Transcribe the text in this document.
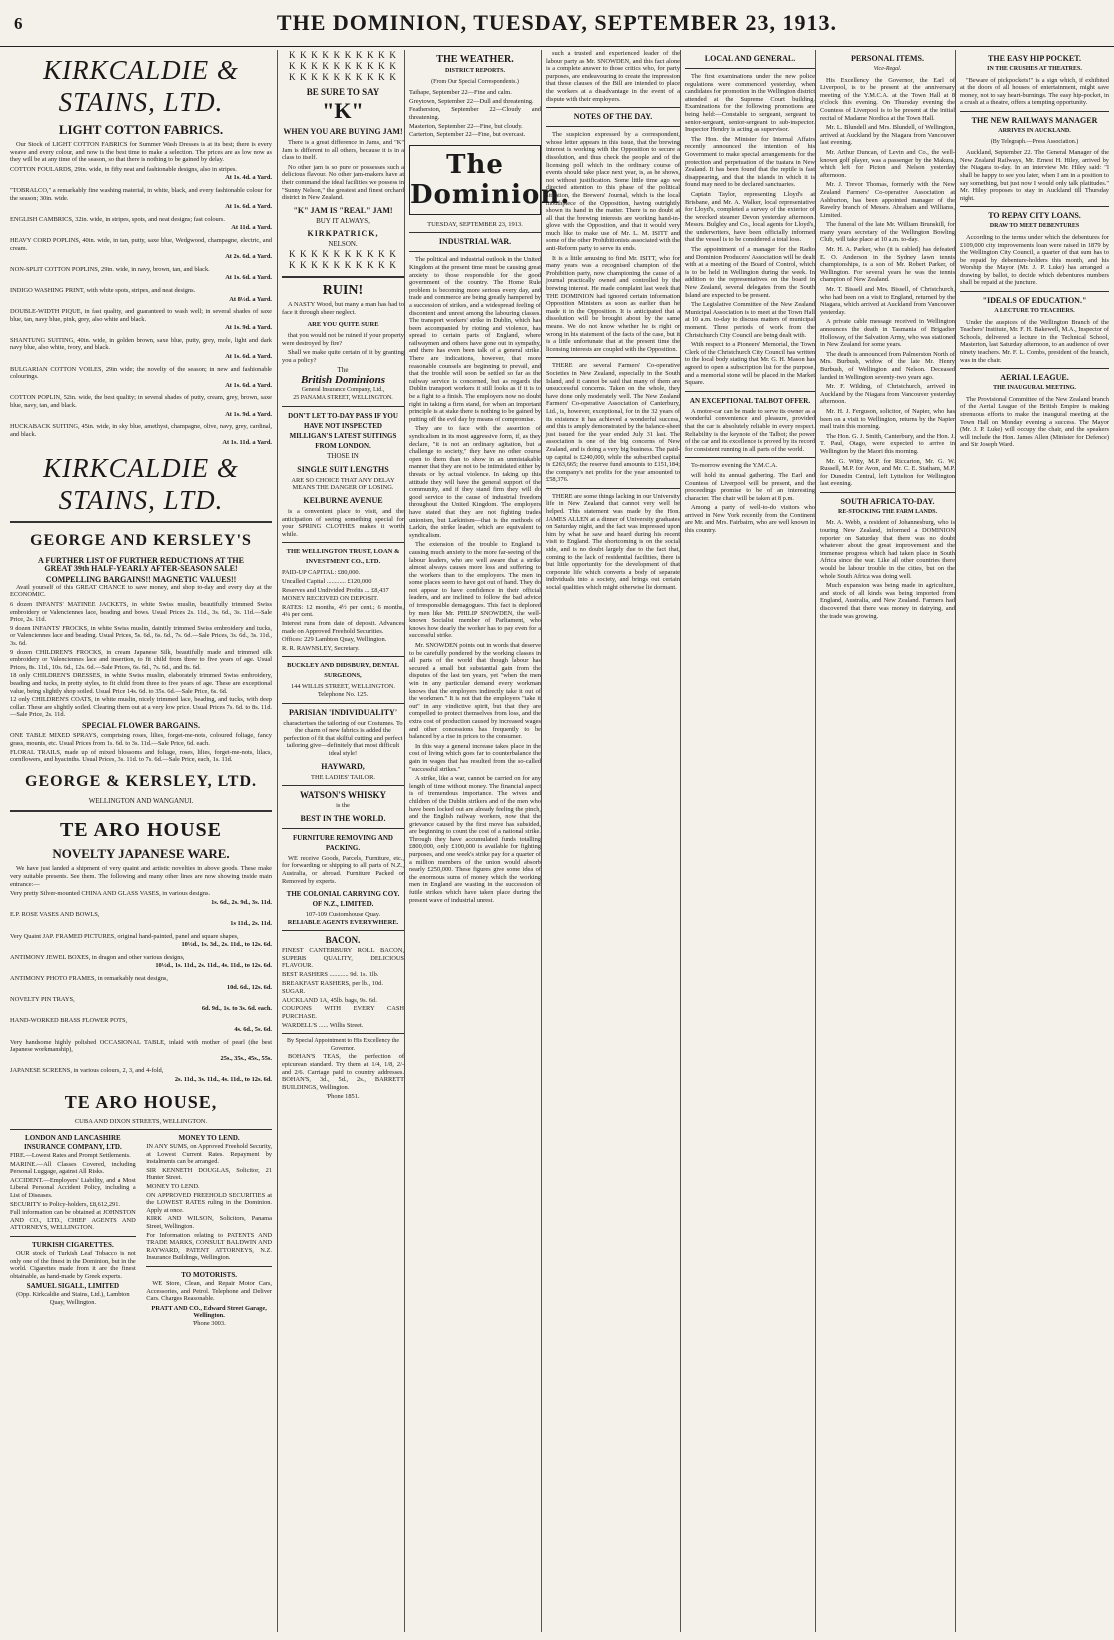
6	THE DOMINION, TUESDAY, SEPTEMBER 23, 1913.
KIRKCALDIE & STAINS, LTD.
LIGHT COTTON FABRICS.

Our Stock of LIGHT COTTON FABRICS for Summer Wash Dresses is at its best; there is every weave and every colour, and now is the best time to make a selection. The prices are as low now as they will be at any time of the season, so that there is nothing to be gained by delay.

COTTON FOULARDS, 29in. wide, in fifty neat and fashionable designs, also in stripes.
At 1s. 4d. a Yard.
"TOBRALCO," a remarkably fine washing material, in white, black, and every fashionable colour for the season; 30in. wide.
At 1s. 6d. a Yard.
ENGLISH CAMBRICS, 32in. wide, in stripes, spots, and neat designs; fast colours.
At 11d. a Yard.
HEAVY CORD POPLINS, 40in. wide, in tan, putty, saxe blue, Wedgwood, champagne, electric, and cream.
At 2s. 6d. a Yard.
NON-SPLIT COTTON POPLINS, 29in. wide, in navy, brown, tan, and black.
At 1s. 6d. a Yard.
INDIGO WASHING PRINT, with white spots, stripes, and neat designs.
At 8½d. a Yard.
DOUBLE-WIDTH PIQUE, in fast quality, and guaranteed to wash well; in several shades of saxe blue, tan, navy blue, pink, grey, also white and black.
At 1s. 9d. a Yard.
SHANTUNG SUITING, 40in. wide, in golden brown, saxe blue, putty, grey, mole, light and dark navy blue, also white, ivory, and black.
At 1s. 6d. a Yard.
BULGARIAN COTTON VOILES, 29in wide; the novelty of the season; in new and fashionable colourings.
At 1s. 6d. a Yard.
COTTON POPLIN, 52in. wide, the best quality; in several shades of putty, cream, grey, brown, saxe blue, navy, tan, and black.
At 1s. 9d. a Yard.
HUCKABACK SUITING, 45in. wide, in sky blue, amethyst, champagne, olive, navy, grey, cardinal, and black.
At 1s. 11d. a Yard.
KIRKCALDIE & STAINS, LTD.
GEORGE AND KERSLEY'S
A FURTHER LIST OF FURTHER REDUCTIONS AT THE
GREAT 39th HALF-YEARLY AFTER-SEASON SALE!
COMPELLING BARGAINS!! MAGNETIC VALUES!!

Avail yourself of this GREAT CHANCE to save money, and shop to-day and every day at the ECONOMIC.

6 dozen INFANTS' MATINEE JACKETS, in white Swiss muslin, beautifully trimmed Swiss embroidery or Valenciennes lace, beading and bows. Usual Prices 2s. 11d., 3s. 6d., 3s. 11d.—Sale Price, 2s. 11d.
9 dozen INFANTS' FROCKS, in white Swiss muslin, daintily trimmed Swiss embroidery and tucks, or Valenciennes lace and beading. Usual Prices, 5s. 6d., 6s. 6d., 7s. 6d.—Sale Prices, 3s. 6d., 3s. 11d., 3s. 6d.
9 dozen CHILDREN'S FROCKS, in cream Japanese Silk, beautifully made and trimmed silk embroidery or Valenciennes lace and insertion, to fit child from three to five years of age. Usual Prices, 8s. 11d., 10s. 6d., 12s. 6d.—Sale Prices, 6s. 6d., 7s. 6d., and 8s. 6d.
18 only CHILDREN'S DRESSES, in white Swiss muslin, elaborately trimmed Swiss embroidery, beading and tucks, in pretty styles, to fit child from three to five years of age. These are exceptional value, being slightly shop soiled. Usual Price 14s. 6d. to 35s. 6d.—Sale Price, 6s. 6d.
12 only CHILDREN'S COATS, in white muslin, nicely trimmed lace, beading, and tucks, with deep collar. These are slightly soiled. Clearing them out at a very low price. Usual Prices 7s. 6d. to 8s. 11d.—Sale Price, 2s. 11d.
SPECIAL FLOWER BARGAINS.
ONE TABLE MIXED SPRAYS, comprising roses, lilies, forget-me-nots, coloured foliage, fancy grass, mounts, etc. Usual Prices from 1s. 6d. to 3s. 11d.—Sale Price, 6d. each.
FLORAL TRAILS, made up of mixed blossoms and foliage, roses, lilies, forget-me-nots, lilacs, cornflowers, and hyacinths. Usual Prices, 3s. 11d. to 7s. 6d.—Sale Price, each, 1s. 11d.
GEORGE & KERSLEY, LTD.
WELLINGTON AND WANGANUI.
TE ARO HOUSE
NOVELTY JAPANESE WARE.

We have just landed a shipment of very quaint and artistic novelties in above goods. These make very suitable presents. See them. The following and many other lines are now showing inside main entrance:—

Very pretty Silver-mounted CHINA AND GLASS VASES, in various designs.
1s. 6d., 2s. 9d., 3s. 11d.
E.P. ROSE VASES AND BOWLS,
1s 11d., 2s. 11d.
Very Quaint JAP. FRAMED PICTURES, original hand-painted, panel and square shapes,
10½d., 1s. 3d., 2s. 11d., to 12s. 6d.
ANTIMONY JEWEL BOXES, in dragon and other various designs,
10½d., 1s. 11d., 2s. 11d., 4s. 11d., to 12s. 6d.
ANTIMONY PHOTO FRAMES, in remarkably neat designs,
10d. 6d., 12s. 6d.
NOVELTY PIN TRAYS,
6d. 9d., 1s. to 3s. 6d. each.
HAND-WORKED BRASS FLOWER POTS,
4s. 6d., 5s. 6d.
Very handsome highly polished OCCASIONAL TABLE, inlaid with mother of pearl (the best Japanese workmanship),
25s., 35s., 45s., 55s.
JAPANESE SCREENS, in various colours, 2, 3, and 4-fold,
2s. 11d., 3s. 11d., 4s. 11d., to 12s. 6d.
TE ARO HOUSE,
CUBA AND DIXON STREETS, WELLINGTON.
LONDON AND LANCASHIRE INSURANCE COMPANY, LTD.
FIRE.—Lowest Rates and Prompt Settlements.
MARINE.—All Classes Covered, including Personal Luggage, against All Risks.
ACCIDENT.—Employers' Liability, and a Most Liberal Personal Accident Policy, including a List of Diseases.
SECURITY to Policy-holders, £8,612,291.
Full information can be obtained at JOHNSTON AND CO., LTD., CHIEF AGENTS AND ATTORNEYS, WELLINGTON.
TURKISH CIGARETTES.

OUR stock of Turkish Leaf Tobacco is not only one of the finest in the Dominion, but in the world. Cigarettes made from it are the finest obtainable, as hand-made by Greek experts.

SAMUEL SIGALL, LIMITED
(Opp. Kirkcaldie and Stains, Ltd.), Lambton Quay, Wellington.
MONEY TO LEND.
IN ANY SUMS, on Approved Freehold Security, at Lowest Current Rates. Repayment by instalments can be arranged.
SIR KENNETH DOUGLAS, Solicitor, 21 Hunter Street.
MONEY TO LEND.
ON APPROVED FREEHOLD SECURITIES at the LOWEST RATES ruling in the Dominion. Apply at once.
KIRK AND WILSON, Solicitors, Panama Street, Wellington.
For Information relating to PATENTS AND TRADE MARKS, CONSULT BALDWIN AND RAYWARD, PATENT ATTORNEYS, N.Z. Insurance Buildings, Wellington.
TO MOTORISTS.

WE Store, Clean, and Repair Motor Cars, Accessories, and Petrol. Telephone and Deliver Cars. Charges Reasonable.

PRATT AND CO., Edward Street Garage, Wellington.
'Phone 3003.
K K K K K K K K K K
K K K K K K K K K K
K K K K K K K K K K
BE SURE TO SAY
"K"
WHEN YOU ARE BUYING JAM!

There is a great difference in Jams, and "K" Jam is different to all others, because it is in a class to itself.

No other jam is so pure or possesses such a delicious flavour. No other jam-makers have at their command the ideal facilities we possess in "Sunny Nelson," the greatest and finest orchard district in New Zealand.

"K" JAM IS "REAL" JAM!
BUY IT ALWAYS,
KIRKPATRICK,
NELSON.
K K K K K K K K K K
K K K K K K K K K K
RUIN!

A NASTY Wood, but many a man has had to face it through sheer neglect.

ARE YOU QUITE SURE

that you would not be ruined if your property were destroyed by fire?

Shall we make quite certain of it by granting you a policy?

The
British Dominions
General Insurance Company, Ltd.,
25 PANAMA STREET, WELLINGTON.
DON'T LET TO-DAY PASS IF YOU HAVE NOT INSPECTED MILLIGAN'S LATEST SUITINGS FROM LONDON.
THOSE IN
SINGLE SUIT LENGTHS
ARE SO CHOICE THAT ANY DELAY MEANS THE DANGER OF LOSING.
KELBURNE AVENUE

is a convenient place to visit, and the anticipation of seeing something special for your SPRING CLOTHES makes it worth while.

THE WELLINGTON TRUST, LOAN & INVESTMENT CO., LTD.
PAID-UP CAPITAL: £80,000.
Uncalled Capital ............ £120,000
Reserves and Undivided Profits ... £8,437
MONEY RECEIVED ON DEPOSIT.
RATES: 12 months, 4½ per cent.; 6 months, 4¼ per cent.
Interest runs from date of deposit. Advances made on Approved Freehold Securities.
Offices: 229 Lambton Quay, Wellington.
R. R. RAWNSLEY, Secretary.
BUCKLEY AND DIDSBURY, DENTAL SURGEONS,
144 WILLIS STREET, WELLINGTON.
Telephone No. 125.
PARISIAN 'INDIVIDUALITY'
characterises the tailoring of our Costumes. To the charm of new fabrics is added the perfection of fit that skilful cutting and perfect tailoring give—definitely that most difficult ideal style!
HAYWARD,
THE LADIES' TAILOR.
WATSON'S WHISKY
is the
BEST IN THE WORLD.
FURNITURE REMOVING AND PACKING.

WE receive Goods, Parcels, Furniture, etc., for forwarding or shipping to all parts of N.Z., Australia, or abroad. Furniture Packed or Removed by experts.

THE COLONIAL CARRYING COY. OF N.Z., LIMITED.
107-109 Customhouse Quay.
RELIABLE AGENTS EVERYWHERE.
BACON.
FINEST CANTERBURY ROLL BACON, SUPERB QUALITY, DELICIOUS FLAVOUR.
BEST RASHERS ............ 9d. 1s. 1lb.
BREAKFAST RASHERS, per lb., 10d.
SUGAR.
AUCKLAND 1A, 45lb. bags, 9s. 6d.
COUPONS WITH EVERY CASH PURCHASE.
WARDELL'S ...... Willis Street.
By Special Appointment to His Excellency the Governor.

BOHAN'S TEAS, the perfection of epicurean standard. Try them at 1/4, 1/8, 2/- and 2/6. Carriage paid to country addresses. BOHAN'S, 3d., 5d., 2s., BARRETT BUILDINGS, Wellington.

'Phone 1851.
THE WEATHER.
DISTRICT REPORTS.
(From Our Special Correspondents.)
Taihape, September 22—Fine and calm.
Greytown, September 22—Dull and threatening.
Featherston, September 22—Cloudy and threatening.
Masterton, September 22—Fine, but cloudy.
Carterton, September 22—Fine, but overcast.
The Dominion.
TUESDAY, SEPTEMBER 23, 1913.
INDUSTRIAL WAR.

The political and industrial outlook in the United Kingdom at the present time must be causing great anxiety to those responsible for the good government of the country. The Home Rule problem is becoming more serious every day, and trade and commerce are being greatly hampered by a succession of strikes, and a widespread feeling of discontent and unrest among the labouring classes. The transport workers' strike in Dublin, which has been accompanied by rioting and violence, has spread to certain parts of England, where railwaymen and others have gone out in sympathy, and there has even been talk of a general strike. There are indications, however, that more reasonable counsels are beginning to prevail, and that the trouble will soon be settled so far as the railway service is concerned, but as regards the Dublin transport workers it still looks as if it is to be a fight to a finish. The employers now no doubt right in taking a firm stand, for when an important principle is at stake there is nothing to be gained by putting off the evil day by means of compromise.

They are to face with the assertion of syndicalism in its most aggressive form, if, as they declare, "it is not an ordinary agitation, but a challenge to society," they have no other course open to them than to show in an unmistakable manner that they are not to be intimidated either by threats or by actual violence. In taking up this attitude they will have the general support of the community, and if they stand firm they will do good service to the cause of industrial freedom throughout the United Kingdom. The employers have stated that they are not fighting trades unionism, but Larkinism—that is the methods of Larkin, the strike leader, which are equivalent to syndicalism.

The extension of the trouble to England is causing much anxiety to the more far-seeing of the labour leaders, who are well aware that a strike almost always causes more loss and suffering to the workers than to the employers. The men in some places seem to have got out of hand. They do not appear to have confidence in their official leaders, and are inclined to follow the bad advice of irresponsible demagogues. This fact is deplored by men like Mr. PHILIP SNOWDEN, the well-known Socialist member of Parliament, who knows how dearly the worker has to pay even for a successful strike.

Mr. SNOWDEN points out in words that deserve to be carefully pondered by the working classes in all parts of the world that though labour has secured a small but substantial gain from the disputes of the last ten years, yet "when the men win in any particular demand every workman knows that the employers indirectly take it out of the workmen." It is not that the employers "take it out" in any vindictive spirit, but that they are compelled to protect themselves from loss, and the extra cost of production caused by increased wages and other concessions has frequently to be balanced by a rise in prices to the consumer.

In this way a general increase takes place in the cost of living which goes far to counterbalance the gain in wages that has resulted from the so-called "successful strikes."

A strike, like a war, cannot be carried on for any length of time without money. The financial aspect is of tremendous importance. The wives and children of the Dublin strikers and of the men who have been locked out are already feeling the pinch, and the English railway workers, now that the grievance caused by the first move has subsided, are beginning to count the cost of a national strike. Through they have accumulated funds totalling £800,000, only £100,000 is available for fighting purposes, and one week's strike pay for a quarter of a million members of the union would absorb nearly £250,000. These figures give some idea of the enormous sums of money which the working men in England are wasting in the succession of futile strikes which have taken place during the present wave of industrial unrest.

such a trusted and experienced leader of the labour party as Mr. SNOWDEN, and this fact alone is a complete answer to those critics who, for party purposes, are endeavouring to create the impression that those clauses of the Bill are intended to place the workers at a disadvantage in the event of a dispute with their employers.

NOTES OF THE DAY.

The suspicion expressed by a correspondent, whose letter appears in this issue, that the brewing interest is working with the Opposition to secure a dissolution, and thus check the people and of the licensing poll which in the ordinary course of events should take place next year, is, as he shows, not without justification. Some little time ago we directed attention to this phase of the political situation, the Brewers' Journal, which is the local mouthpiece of the Opposition, having outrightly shown its hand in the matter. There is no doubt at all that the brewing interests are working hand-in-glove with the Opposition, and that it would very much like to make use of Mr. L. M. ISITT and some of the other Prohibitionists associated with the anti-Reform party to serve its ends.

It is a little amusing to find Mr. ISITT, who for many years was a recognised champion of the Prohibition party, now championing the cause of a journal practically owned and controlled by the brewing interest. He made complaint last week that THE DOMINION had ignored certain information Opposition Ministers as soon as earlier than he made it in the Opposition. It is anticipated that a dissolution will be brought about by the same means. We do not know whether he is right or wrong in his statement of the facts of the case, but it is a little unfortunate that at the present time the licensing interests are coupled with the Opposition.

THERE are several Farmers' Co-operative Societies in New Zealand, especially in the South Island, and it cannot be said that many of them are unsuccessful concerns. Taken on the whole, they have done only moderately well. The New Zealand Farmers' Co-operative Association of Canterbury, Ltd., is, however, exceptional, for in the 32 years of its existence it has achieved a wonderful success, and this is amply demonstrated by the balance-sheet just issued for the year ended July 31 last. The association is one of the big concerns of New Zealand, and is doing a very big business. The paid-up capital is £240,000, while the subscribed capital is £263,665; the reserve fund amounts to £151,184; the company's net profits for the year amounted to £58,376.

THERE are some things lacking in our University life in New Zealand that cannot very well be helped. This statement was made by the Hon. JAMES ALLEN at a dinner of University graduates on Saturday night, and the fact was impressed upon him by what he saw and heard during his recent visit to England. The shortcoming is on the social side, and is no doubt largely due to the fact that, coming to the lack of residential facilities, there is but little opportunity for the development of that corporate life which converts a body of separate individuals into a society, and brings out certain social qualities which might otherwise lie dormant.

LOCAL AND GENERAL.

The first examinations under the new police regulations were commenced yesterday, when candidates for promotion in the Wellington district attended at the Supreme Court building. Examinations for the following promotions are being held:—Constable to sergeant, sergeant to senior-sergeant, senior-sergeant to sub-inspector. Inspector Hendry is acting as supervisor.

The Hon. the Minister for Internal Affairs recently announced the intention of his Government to make special arrangements for the protection and perpetuation of the tuatara in New Zealand. It has been found that the reptile is fast disappearing, and that the islands in which it is found may need to be declared sanctuaries.

Captain Taylor, representing Lloyd's at Brisbane, and Mr. A. Walker, local representative for Lloyd's, completed a survey of the exterior of the wrecked steamer Devon yesterday afternoon. Messrs. Bulgley and Co., local agents for Lloyd's, the underwriters, have been officially informed that the vessel is to be considered a total loss.

The appointment of a manager for the Radio and Dominion Producers' Association will be dealt with at a meeting of the Board of Control, which is to be held in Wellington during the week. In addition to the representatives on the board in New Zealand, several delegates from the South Island are expected to be present.

The Legislative Committee of the New Zealand Municipal Association is to meet at the Town Hall at 10 a.m. to-day to discuss matters of municipal moment. Three periods of work from the Christchurch City Council are being dealt with.

With respect to a Pioneers' Memorial, the Town Clerk of the Christchurch City Council has written to the local body stating that Mr. G. H. Mason has agreed to open a subscription list for the purpose, and a memorial stone will be placed in the Market Square.

AN EXCEPTIONAL TALBOT OFFER.

A motor-car can be made to serve its owner as a wonderful convenience and pleasure, provided that the car is absolutely reliable in every respect. Reliability is the keynote of the Talbot; the power of the car and its excellence is proved by its record for consistent running in all parts of the world.

To-morrow evening the Y.M.C.A.

will hold its annual gathering. The Earl and Countess of Liverpool will be present, and the proceedings promise to be of an interesting character. The chair will be taken at 8 p.m.

Among a party of well-to-do visitors who arrived in New York recently from the Continent are Mr. and Mrs. Fairbairn, who are well known in this country.

PERSONAL ITEMS.
Vice-Regal.

His Excellency the Governor, the Earl of Liverpool, is to be present at the anniversary meeting of the Y.M.C.A. at the Town Hall at 8 o'clock this evening. On Thursday evening the Countess of Liverpool is to be present at the initial recital of Madame Nordica at the Town Hall.

Mr. L. Blundell and Mrs. Blundell, of Wellington, arrived at Auckland by the Niagara from Vancouver last evening.

Mr. Arthur Duncan, of Levin and Co., the well-known golf player, was a passenger by the Makura, which left for Picton and Nelson yesterday afternoon.

Mr. J. Trevor Thomas, formerly with the New Zealand Farmers' Co-operative Association at Ashburton, has been appointed manager of the Ravelry branch of Messrs. Abraham and Williams, Limited.

The funeral of the late Mr. William Brunskill, for many years secretary of the Wellington Bowling Club, will take place at 10 a.m. to-day.

Mr. H. A. Parker, who (it is cabled) has defeated E. O. Anderson in the Sydney lawn tennis championships, is a son of Mr. Robert Parker, of Wellington. For several years he was the tennis champion of New Zealand.

Mr. T. Bissell and Mrs. Bissell, of Christchurch, who had been on a visit to England, returned by the Niagara, which arrived at Auckland from Vancouver yesterday.

A private cable message received in Wellington announces the death in Tasmania of Brigadier Holloway, of the Salvation Army, who was stationed in New Zealand for some years.

The death is announced from Palmerston North of Mrs. Burbush, widow of the late Mr. Henry Burbush, of Wellington and Nelson. Deceased landed in Wellington seventy-two years ago.

Mr. F. Wilding, of Christchurch, arrived in Auckland by the Niagara from Vancouver yesterday afternoon.

Mr. H. J. Ferguson, solicitor, of Napier, who has been on a visit to Wellington, returns by the Napier mail train this morning.

The Hon. G. J. Smith, Canterbury, and the Hon. J. T. Paul, Otago, were expected to arrive in Wellington by the Maori this morning.

Mr. G. Witty, M.P. for Riccarton, Mr. G. W. Russell, M.P. for Avon, and Mr. C. E. Statham, M.P. for Dunedin Central, left Lyttelton for Wellington last evening.

SOUTH AFRICA TO-DAY.
RE-STOCKING THE FARM LANDS.

Mr. A. Webb, a resident of Johannesburg, who is touring New Zealand, informed a DOMINION reporter on Saturday that there was no doubt whatever about the great improvement and the immense progress which had taken place in South Africa since the war. Like all other countries there would be labour trouble in the cities, but on the whole South Africa was doing well.

Much expansion was being made in agriculture, and stock of all kinds was being imported from England, Australia, and New Zealand. Farmers had discovered that there was money in dairying, and the trade was growing.

THE EASY HIP POCKET.
IN THE CRUSHES AT THEATRES.

"Beware of pickpockets!" is a sign which, if exhibited at the doors of all houses of entertainment, might save money, not to say heart-burnings. The easy hip-pocket, in a crush at a theatre, offers a tempting opportunity.

THE NEW RAILWAYS MANAGER
ARRIVES IN AUCKLAND.
(By Telegraph.—Press Association.)

Auckland, September 22. The General Manager of the New Zealand Railways, Mr. Ernest H. Hiley, arrived by the Niagara to-day. In an interview Mr. Hiley said: "I shall be happy to see you later, when I am in a position to say something, but just now I would only talk platitudes." Mr. Hiley proposes to stay in Auckland till Thursday night.

TO REPAY CITY LOANS.
DRAW TO MEET DEBENTURES

According to the terms under which the debentures for £109,000 city improvements loan were raised in 1879 by the Wellington City Council, a quarter of that sum has to be repaid by debenture-holders this month, and his Worship the Mayor (Mr. J. P. Luke) has arranged a drawing by ballot, to decide which debentures numbers shall be repaid at the juncture.

"IDEALS OF EDUCATION."
A LECTURE TO TEACHERS.

Under the auspices of the Wellington Branch of the Teachers' Institute, Mr. F. H. Bakewell, M.A., Inspector of Schools, delivered a lecture in the Technical School, Masterton, last Saturday afternoon, to an audience of over ninety teachers. Mr. F. L. Combs, president of the branch, was in the chair.

AERIAL LEAGUE.
THE INAUGURAL MEETING.

The Provisional Committee of the New Zealand branch of the Aerial League of the British Empire is making strenuous efforts to make the inaugural meeting at the Town Hall on Monday evening a success. The Mayor (Mr. J. P. Luke) will occupy the chair, and the speakers will include the Hon. James Allen (Minister for Defence) and Sir Joseph Ward.
